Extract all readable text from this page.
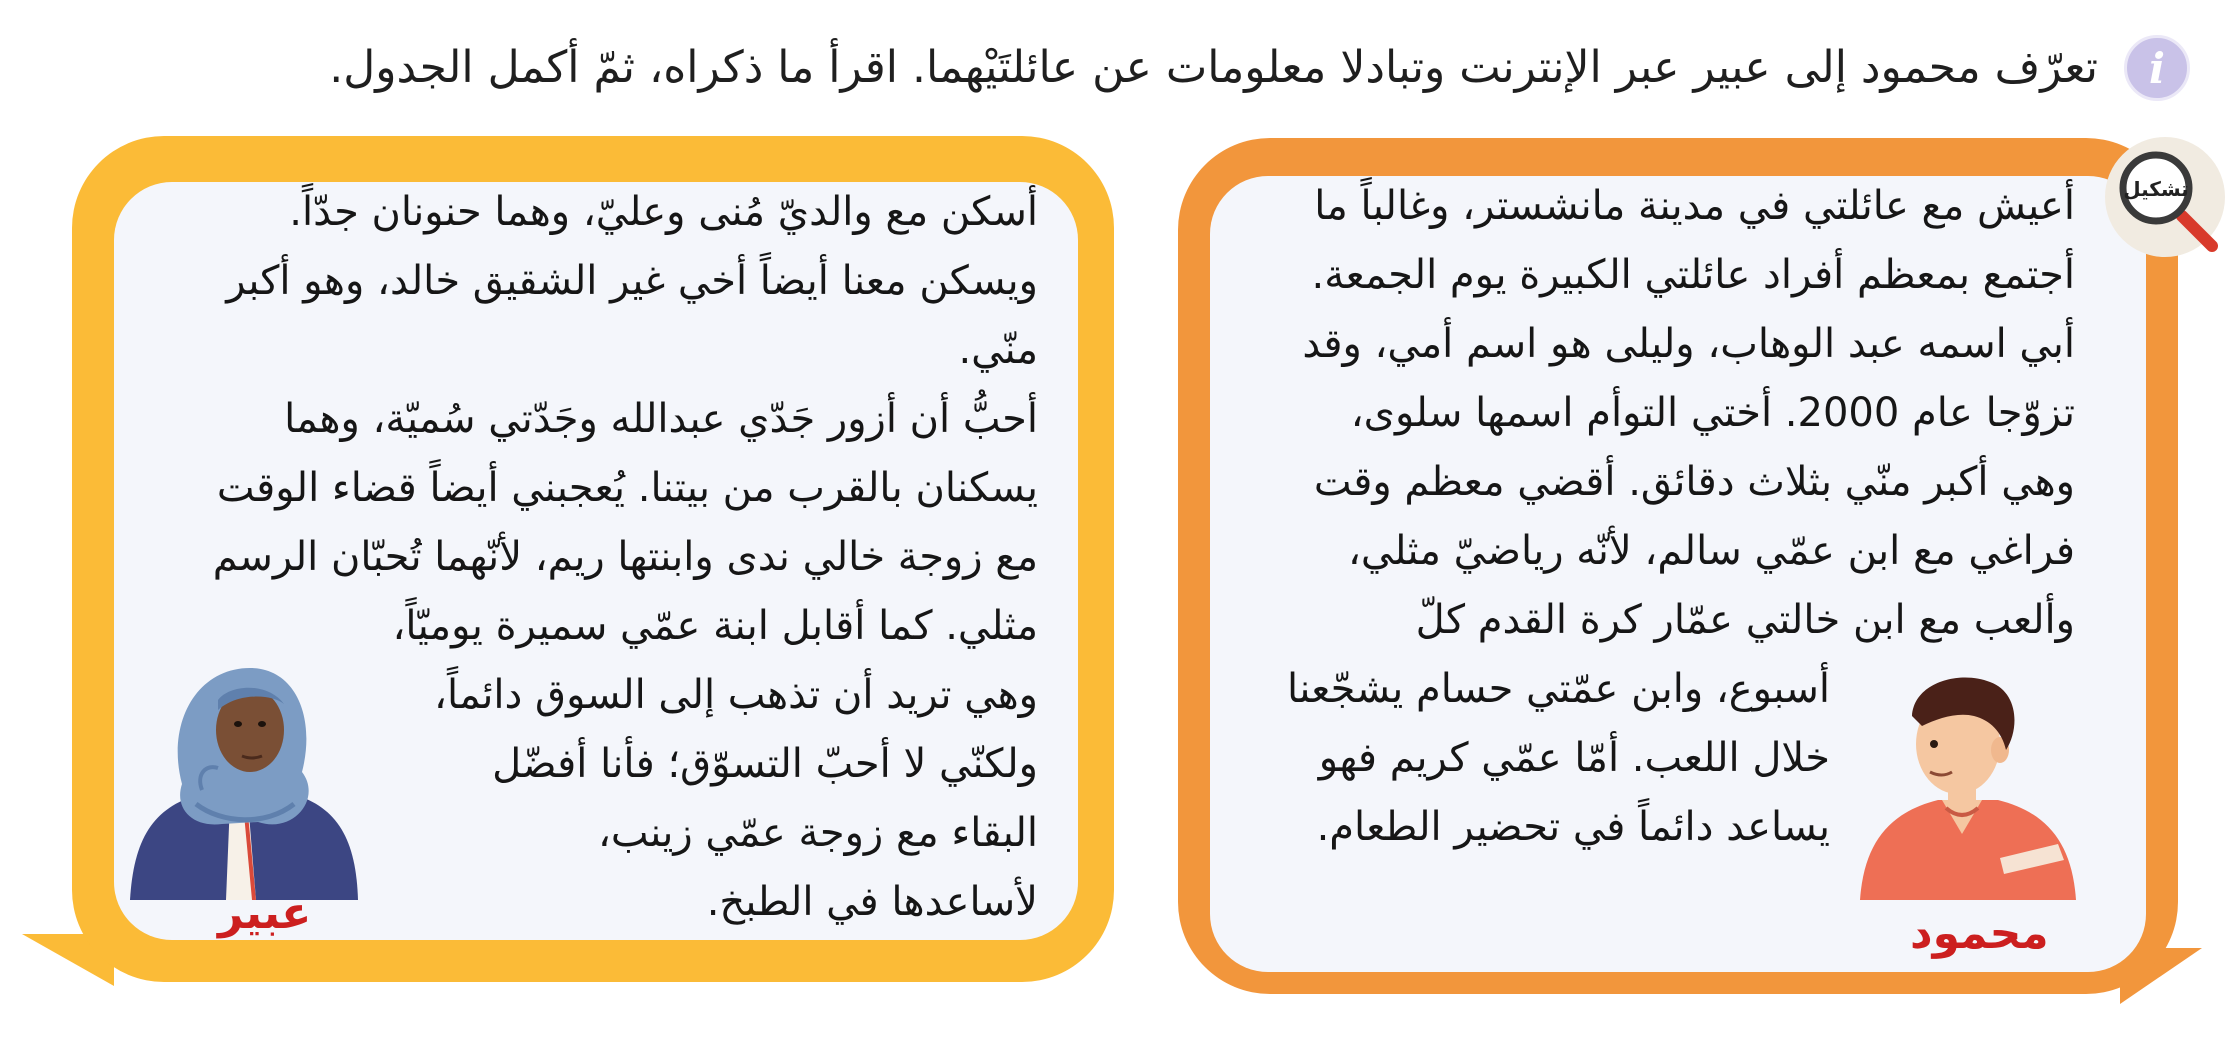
i
تعرّف محمود إلى عبير عبر الإنترنت وتبادلا معلومات عن عائلتَيْهما. اقرأ ما ذكراه، ثمّ أكمل الجدول.

أعيش مع عائلتي في مدينة مانشستر، وغالباً ما

أجتمع بمعظم أفراد عائلتي الكبيرة يوم الجمعة.

أبي اسمه عبد الوهاب، وليلى هو اسم أمي، وقد

تزوّجا عام 2000. أختي التوأم اسمها سلوى،

وهي أكبر منّي بثلاث دقائق. أقضي معظم وقت

فراغي مع ابن عمّي سالم، لأنّه رياضيّ مثلي،

وألعب مع ابن خالتي عمّار كرة القدم كلّ

أسبوع، وابن عمّتي حسام يشجّعنا

خلال اللعب. أمّا عمّي كريم فهو

يساعد دائماً في تحضير الطعام.

محمود
تشكيل

أسكن مع والديّ مُنى وعليّ، وهما حنونان جدّاً.

ويسكن معنا أيضاً أخي غير الشقيق خالد، وهو أكبر

منّي.

أحبُّ أن أزور جَدّي عبدالله وجَدّتي سُميّة، وهما

يسكنان بالقرب من بيتنا. يُعجبني أيضاً قضاء الوقت

مع زوجة خالي ندى وابنتها ريم، لأنّهما تُحبّان الرسم

مثلي. كما أقابل ابنة عمّي سميرة يوميّاً،

وهي تريد أن تذهب إلى السوق دائماً،

ولكنّي لا أحبّ التسوّق؛ فأنا أفضّل

البقاء مع زوجة عمّي زينب،

لأساعدها في الطبخ.

عبير
